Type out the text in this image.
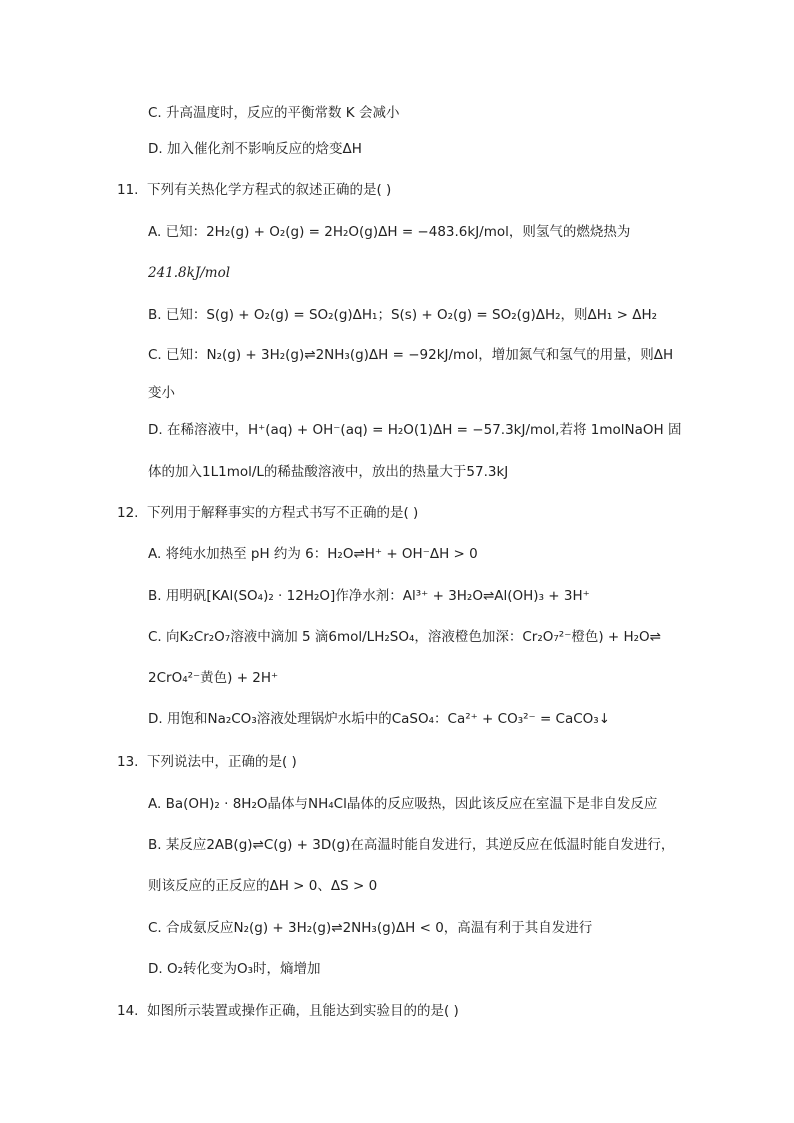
C. 升高温度时，反应的平衡常数 K 会减小
D. 加入催化剂不影响反应的焓变ΔH
11. 下列有关热化学方程式的叙述正确的是( )
A. 已知：2H₂(g) + O₂(g) = 2H₂O(g)ΔH = −483.6kJ/mol，则氢气的燃烧热为
241.8kJ/mol
B. 已知：S(g) + O₂(g) = SO₂(g)ΔH₁；S(s) + O₂(g) = SO₂(g)ΔH₂，则ΔH₁ > ΔH₂
C. 已知：N₂(g) + 3H₂(g)⇌2NH₃(g)ΔH = −92kJ/mol，增加氮气和氢气的用量，则ΔH
变小
D. 在稀溶液中，H⁺(aq) + OH⁻(aq) = H₂O(1)ΔH = −57.3kJ/mol,若将 1molNaOH 固
体的加入1L1mol/L的稀盐酸溶液中，放出的热量大于57.3kJ
12. 下列用于解释事实的方程式书写不正确的是( )
A. 将纯水加热至 pH 约为 6：H₂O⇌H⁺ + OH⁻ΔH > 0
B. 用明矾[KAl(SO₄)₂ · 12H₂O]作净水剂：Al³⁺ + 3H₂O⇌Al(OH)₃ + 3H⁺
C. 向K₂Cr₂O₇溶液中滴加 5 滴6mol/LH₂SO₄，溶液橙色加深：Cr₂O₇²⁻橙色) + H₂O⇌
2CrO₄²⁻黄色) + 2H⁺
D. 用饱和Na₂CO₃溶液处理锅炉水垢中的CaSO₄：Ca²⁺ + CO₃²⁻ = CaCO₃↓
13. 下列说法中，正确的是( )
A. Ba(OH)₂ · 8H₂O晶体与NH₄Cl晶体的反应吸热，因此该反应在室温下是非自发反应
B. 某反应2AB(g)⇌C(g) + 3D(g)在高温时能自发进行，其逆反应在低温时能自发进行，
则该反应的正反应的ΔH > 0、ΔS > 0
C. 合成氨反应N₂(g) + 3H₂(g)⇌2NH₃(g)ΔH < 0，高温有利于其自发进行
D. O₂转化变为O₃时，熵增加
14. 如图所示装置或操作正确，且能达到实验目的的是( )
